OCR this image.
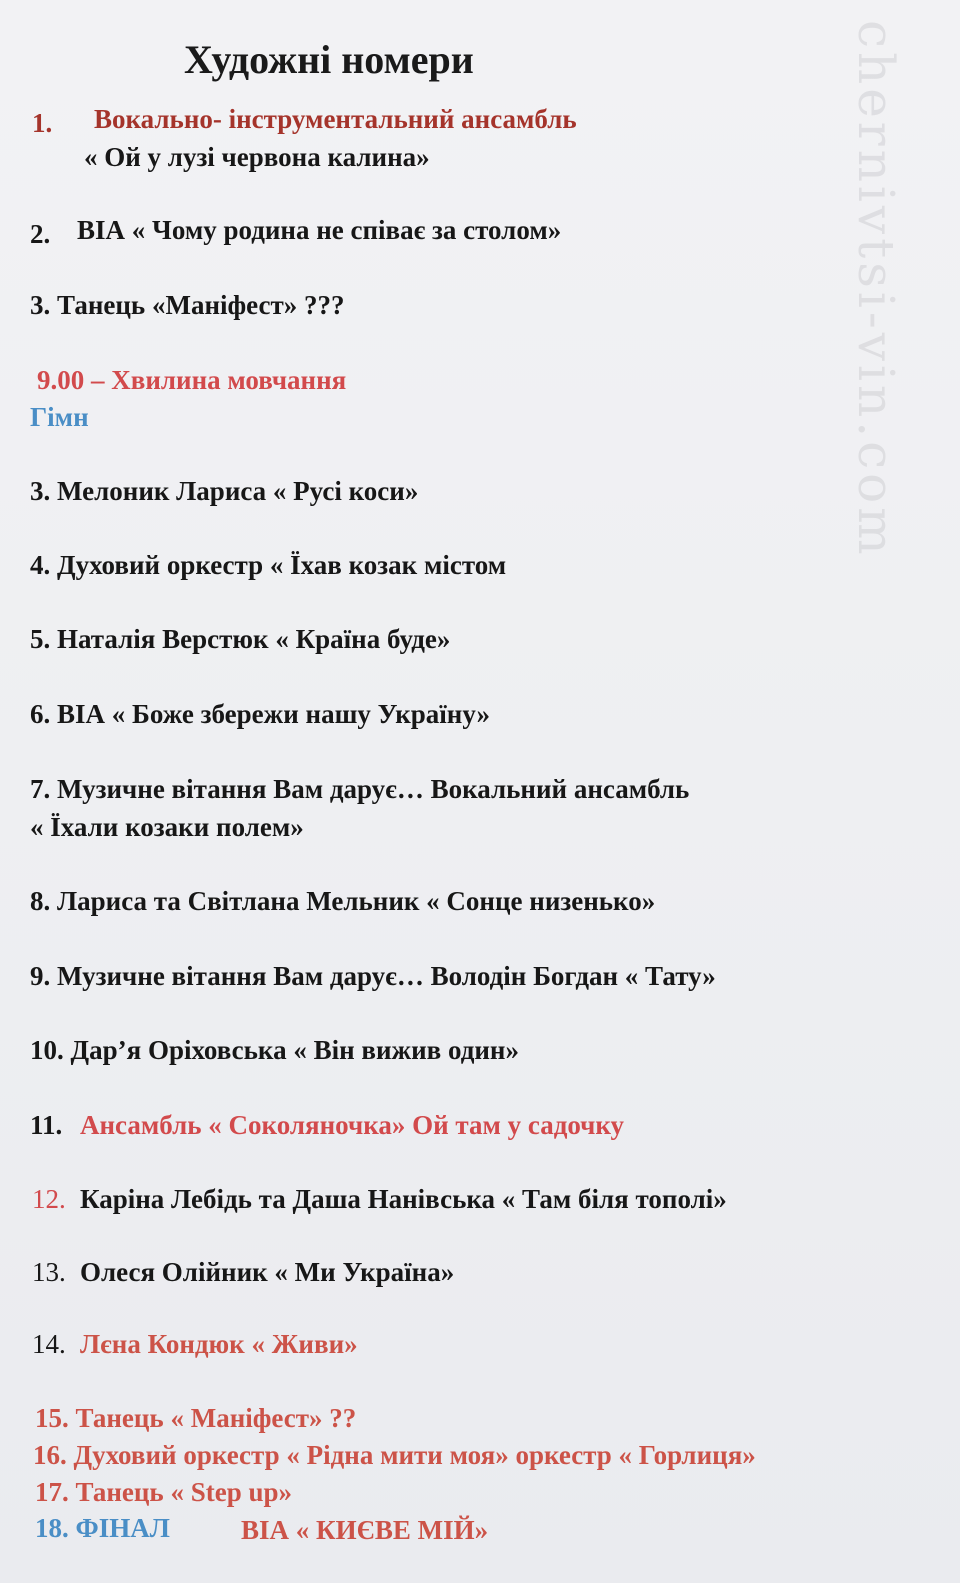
chernivtsi-vin.com
Художні номери
1. Вокально- інструментальний ансамбль
« Ой у лузі червона калина»
2. ВІА « Чому родина не співає за столом»
3. Танець «Маніфест» ???
9.00 – Хвилина мовчання
Гімн
3. Мелоник Лариса « Русі коси»
4. Духовий оркестр « Їхав козак містом
5. Наталія Верстюк « Країна буде»
6. ВІА « Боже збережи нашу Україну»
7. Музичне вітання Вам дарує… Вокальний ансамбль
« Їхали козаки полем»
8. Лариса та Світлана Мельник « Сонце низенько»
9. Музичне вітання Вам дарує… Володін Богдан « Тату»
10. Дар’я Оріховська « Він вижив один»
11. Ансамбль « Соколяночка» Ой там у садочку
12. Каріна Лебідь та Даша Нанівська « Там біля тополі»
13. Олеся Олійник « Ми Україна»
14. Лєна Кондюк « Живи»
15. Танець « Маніфест» ??
16. Духовий оркестр « Рідна мити моя» оркестр « Горлиця»
17. Танець « Step up»
18. ФІНАЛ	ВІА « КИЄВЕ МІЙ»
